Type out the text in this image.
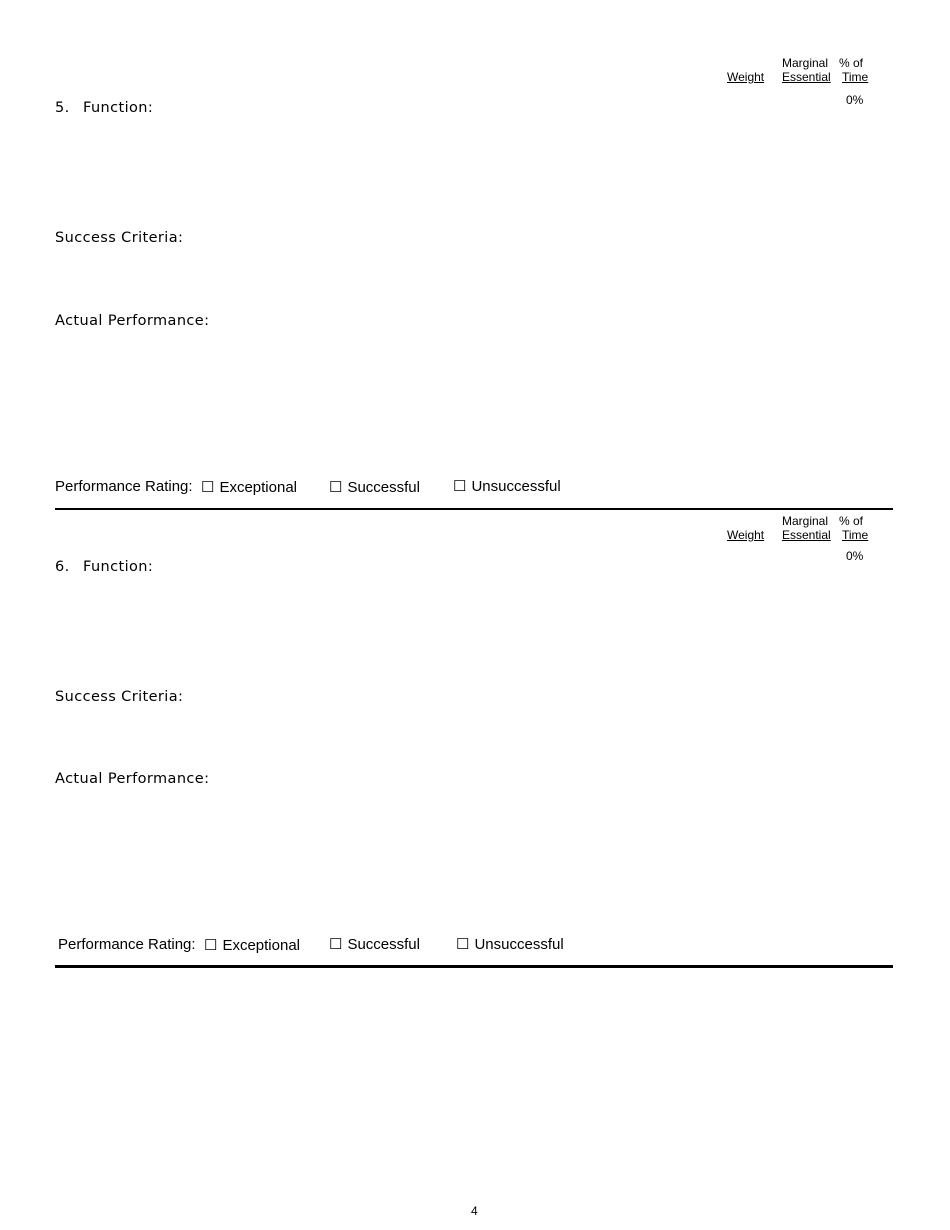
Marginal % of
Weight Essential Time
0%
5. Function:
Success Criteria:
Actual Performance:
Performance Rating: ☐ Exceptional ☐ Successful ☐ Unsuccessful
Marginal % of
Weight Essential Time
0%
6. Function:
Success Criteria:
Actual Performance:
Performance Rating: ☐ Exceptional ☐ Successful ☐ Unsuccessful
4
